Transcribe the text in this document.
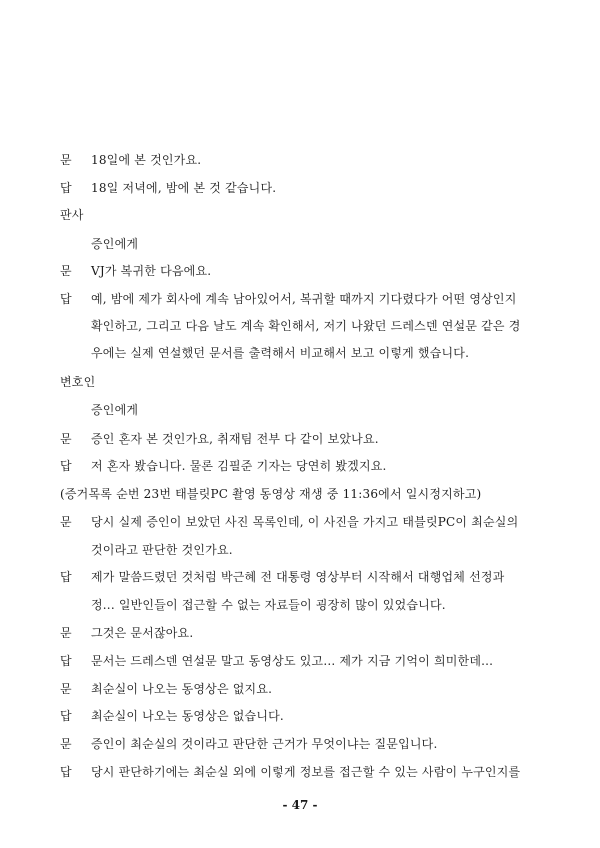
문 18일에 본 것인가요.
답 18일 저녁에, 밤에 본 것 같습니다.
판사
증인에게
문 VJ가 복귀한 다음에요.
답 예, 밤에 제가 회사에 계속 남아있어서, 복귀할 때까지 기다렸다가 어떤 영상인지
확인하고, 그리고 다음 날도 계속 확인해서, 저기 나왔던 드레스덴 연설문 같은 경
우에는 실제 연설했던 문서를 출력해서 비교해서 보고 이렇게 했습니다.
변호인
증인에게
문 증인 혼자 본 것인가요, 취재팀 전부 다 같이 보았나요.
답 저 혼자 봤습니다. 물론 김필준 기자는 당연히 봤겠지요.
(증거목록 순번 23번 태블릿PC 촬영 동영상 재생 중 11:36에서 일시정지하고)
문 당시 실제 증인이 보았던 사진 목록인데, 이 사진을 가지고 태블릿PC이 최순실의
것이라고 판단한 것인가요.
답 제가 말씀드렸던 것처럼 박근혜 전 대통령 영상부터 시작해서 대행업체 선정과
정... 일반인들이 접근할 수 없는 자료들이 굉장히 많이 있었습니다.
문 그것은 문서잖아요.
답 문서는 드레스덴 연설문 말고 동영상도 있고... 제가 지금 기억이 희미한데...
문 최순실이 나오는 동영상은 없지요.
답 최순실이 나오는 동영상은 없습니다.
문 증인이 최순실의 것이라고 판단한 근거가 무엇이냐는 질문입니다.
답 당시 판단하기에는 최순실 외에 이렇게 정보를 접근할 수 있는 사람이 누구인지를
- 47 -
